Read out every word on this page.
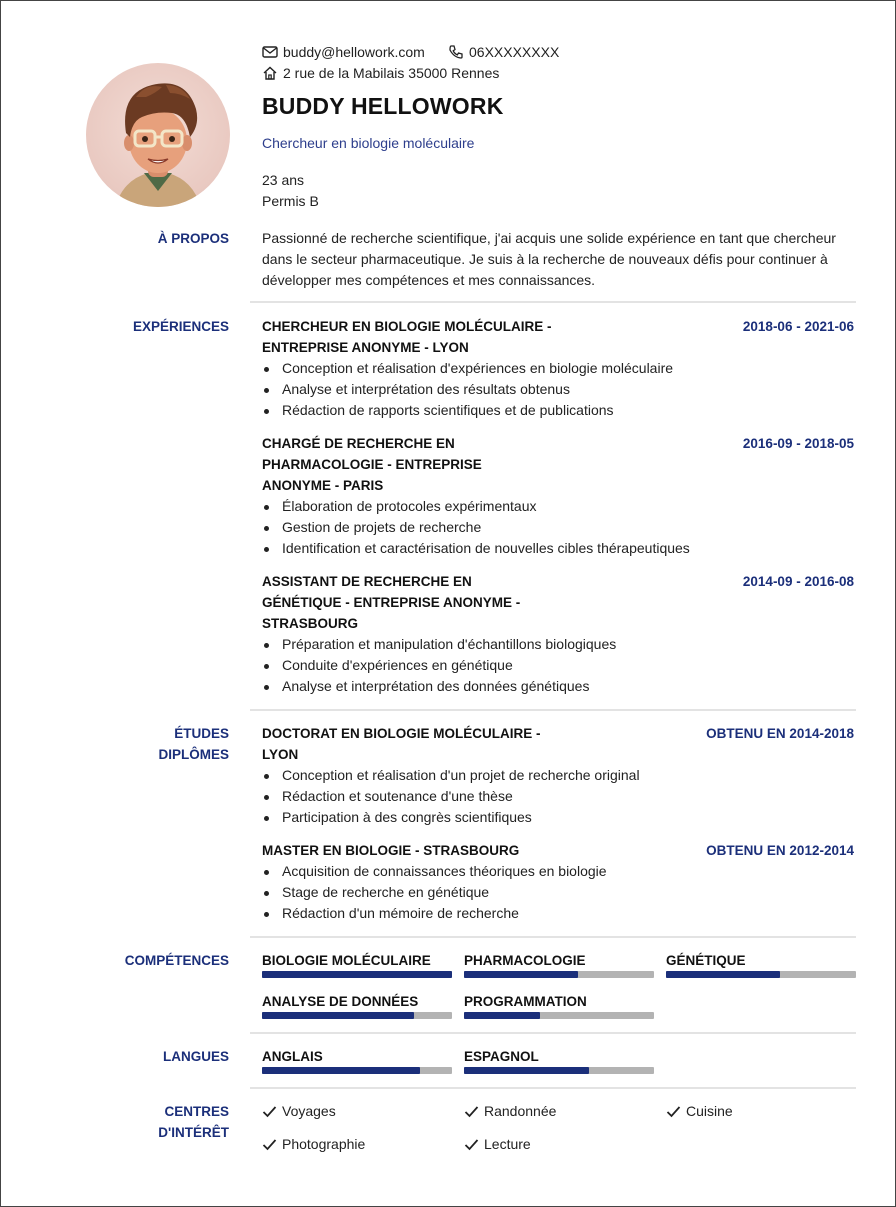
buddy@hellowork.com	06XXXXXXXX
2 rue de la Mabilais 35000 Rennes
BUDDY HELLOWORK
Chercheur en biologie moléculaire
23 ans
Permis B
À PROPOS Passionné de recherche scientifique, j'ai acquis une solide expérience en tant que chercheur dans le secteur pharmaceutique. Je suis à la recherche de nouveaux défis pour continuer à développer mes compétences et mes connaissances.
EXPÉRIENCES CHERCHEUR EN BIOLOGIE MOLÉCULAIRE - ENTREPRISE ANONYME - LYON
2018-06 - 2021-06
Conception et réalisation d'expériences en biologie moléculaire
Analyse et interprétation des résultats obtenus
Rédaction de rapports scientifiques et de publications
CHARGÉ DE RECHERCHE EN PHARMACOLOGIE - ENTREPRISE ANONYME - PARIS
2016-09 - 2018-05
Élaboration de protocoles expérimentaux
Gestion de projets de recherche
Identification et caractérisation de nouvelles cibles thérapeutiques
ASSISTANT DE RECHERCHE EN GÉNÉTIQUE - ENTREPRISE ANONYME - STRASBOURG
2014-09 - 2016-08
Préparation et manipulation d'échantillons biologiques
Conduite d'expériences en génétique
Analyse et interprétation des données génétiques
ÉTUDES
DIPLÔMES
DOCTORAT EN BIOLOGIE MOLÉCULAIRE - LYON
OBTENU EN 2014-2018
Conception et réalisation d'un projet de recherche original
Rédaction et soutenance d'une thèse
Participation à des congrès scientifiques
MASTER EN BIOLOGIE - STRASBOURG	OBTENU EN 2012-2014
Acquisition de connaissances théoriques en biologie
Stage de recherche en génétique
Rédaction d'un mémoire de recherche
COMPÉTENCES BIOLOGIE MOLÉCULAIRE	PHARMACOLOGIE	GÉNÉTIQUE
ANALYSE DE DONNÉES	PROGRAMMATION
LANGUES ANGLAIS	ESPAGNOL
CENTRES
D'INTÉRÊT
Voyages	Randonnée	Cuisine
Photographie	Lecture
